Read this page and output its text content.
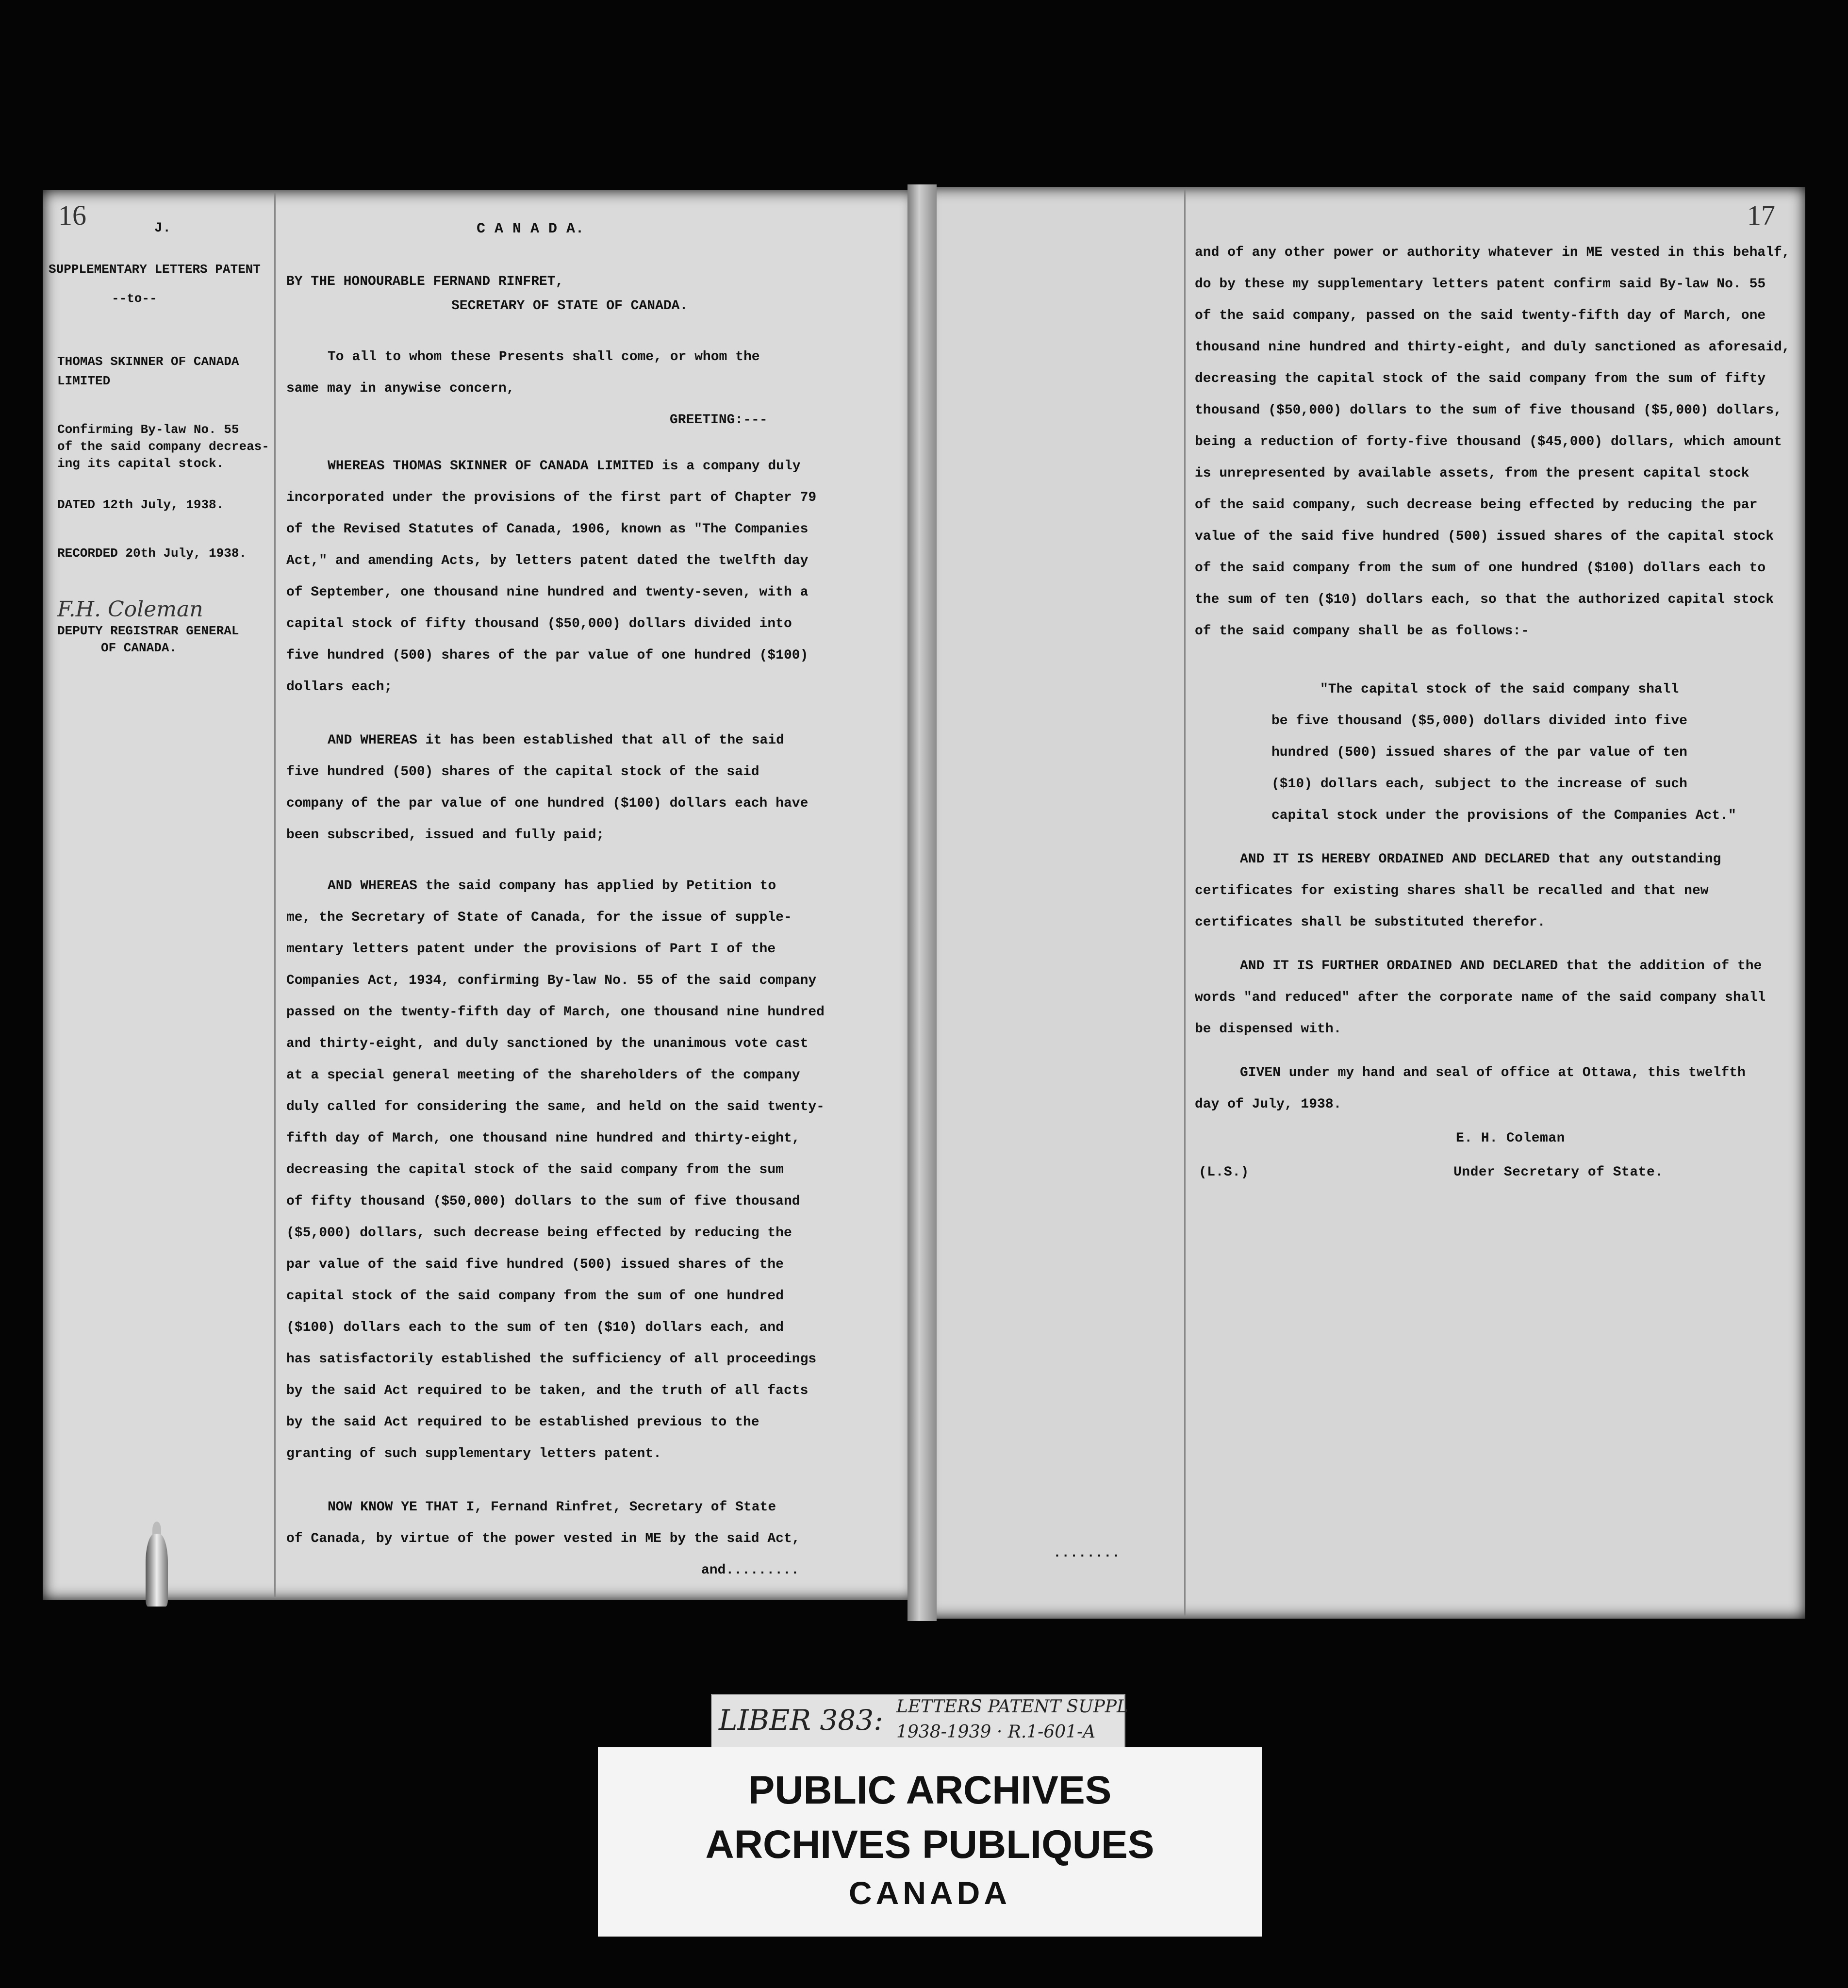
16	J.	C A N A D A.
SUPPLEMENTARY LETTERS PATENT
--to--
THOMAS SKINNER OF CANADA
LIMITED
Confirming By-law No. 55
of the said company decreas-
ing its capital stock.
DATED 12th July, 1938.
RECORDED 20th July, 1938.
DEPUTY REGISTRAR GENERAL
OF CANADA.
F.H. Coleman
BY THE HONOURABLE FERNAND RINFRET,
SECRETARY OF STATE OF CANADA.
To all to whom these Presents shall come, or whom the
same may in anywise concern,
GREETING:---
WHEREAS THOMAS SKINNER OF CANADA LIMITED is a company duly
incorporated under the provisions of the first part of Chapter 79
of the Revised Statutes of Canada, 1906, known as "The Companies
Act," and amending Acts, by letters patent dated the twelfth day
of September, one thousand nine hundred and twenty-seven, with a
capital stock of fifty thousand ($50,000) dollars divided into
five hundred (500) shares of the par value of one hundred ($100)
dollars each;
AND WHEREAS it has been established that all of the said
five hundred (500) shares of the capital stock of the said
company of the par value of one hundred ($100) dollars each have
been subscribed, issued and fully paid;
AND WHEREAS the said company has applied by Petition to
me, the Secretary of State of Canada, for the issue of supple-
mentary letters patent under the provisions of Part I of the
Companies Act, 1934, confirming By-law No. 55 of the said company
passed on the twenty-fifth day of March, one thousand nine hundred
and thirty-eight, and duly sanctioned by the unanimous vote cast
at a special general meeting of the shareholders of the company
duly called for considering the same, and held on the said twenty-
fifth day of March, one thousand nine hundred and thirty-eight,
decreasing the capital stock of the said company from the sum
of fifty thousand ($50,000) dollars to the sum of five thousand
($5,000) dollars, such decrease being effected by reducing the
par value of the said five hundred (500) issued shares of the
capital stock of the said company from the sum of one hundred
($100) dollars each to the sum of ten ($10) dollars each, and
has satisfactorily established the sufficiency of all proceedings
by the said Act required to be taken, and the truth of all facts
by the said Act required to be established previous to the
granting of such supplementary letters patent.
NOW KNOW YE THAT I, Fernand Rinfret, Secretary of State
of Canada, by virtue of the power vested in ME by the said Act,
and.........
17
and of any other power or authority whatever in ME vested in this behalf,
do by these my supplementary letters patent confirm said By-law No. 55
of the said company, passed on the said twenty-fifth day of March, one
thousand nine hundred and thirty-eight, and duly sanctioned as aforesaid,
decreasing the capital stock of the said company from the sum of fifty
thousand ($50,000) dollars to the sum of five thousand ($5,000) dollars,
being a reduction of forty-five thousand ($45,000) dollars, which amount
is unrepresented by available assets, from the present capital stock
of the said company, such decrease being effected by reducing the par
value of the said five hundred (500) issued shares of the capital stock
of the said company from the sum of one hundred ($100) dollars each to
the sum of ten ($10) dollars each, so that the authorized capital stock
of the said company shall be as follows:-
"The capital stock of the said company shall
be five thousand ($5,000) dollars divided into five
hundred (500) issued shares of the par value of ten
($10) dollars each, subject to the increase of such
capital stock under the provisions of the Companies Act."
AND IT IS HEREBY ORDAINED AND DECLARED that any outstanding
certificates for existing shares shall be recalled and that new
certificates shall be substituted therefor.
AND IT IS FURTHER ORDAINED AND DECLARED that the addition of the
words "and reduced" after the corporate name of the said company shall
be dispensed with.
GIVEN under my hand and seal of office at Ottawa, this twelfth
day of July, 1938.
E. H. Coleman
(L.S.)	Under Secretary of State.
........
LIBER 383: LETTERS PATENT SUPPL
1938-1939 · R.1-601-A
PUBLIC ARCHIVES
ARCHIVES PUBLIQUES
CANADA
